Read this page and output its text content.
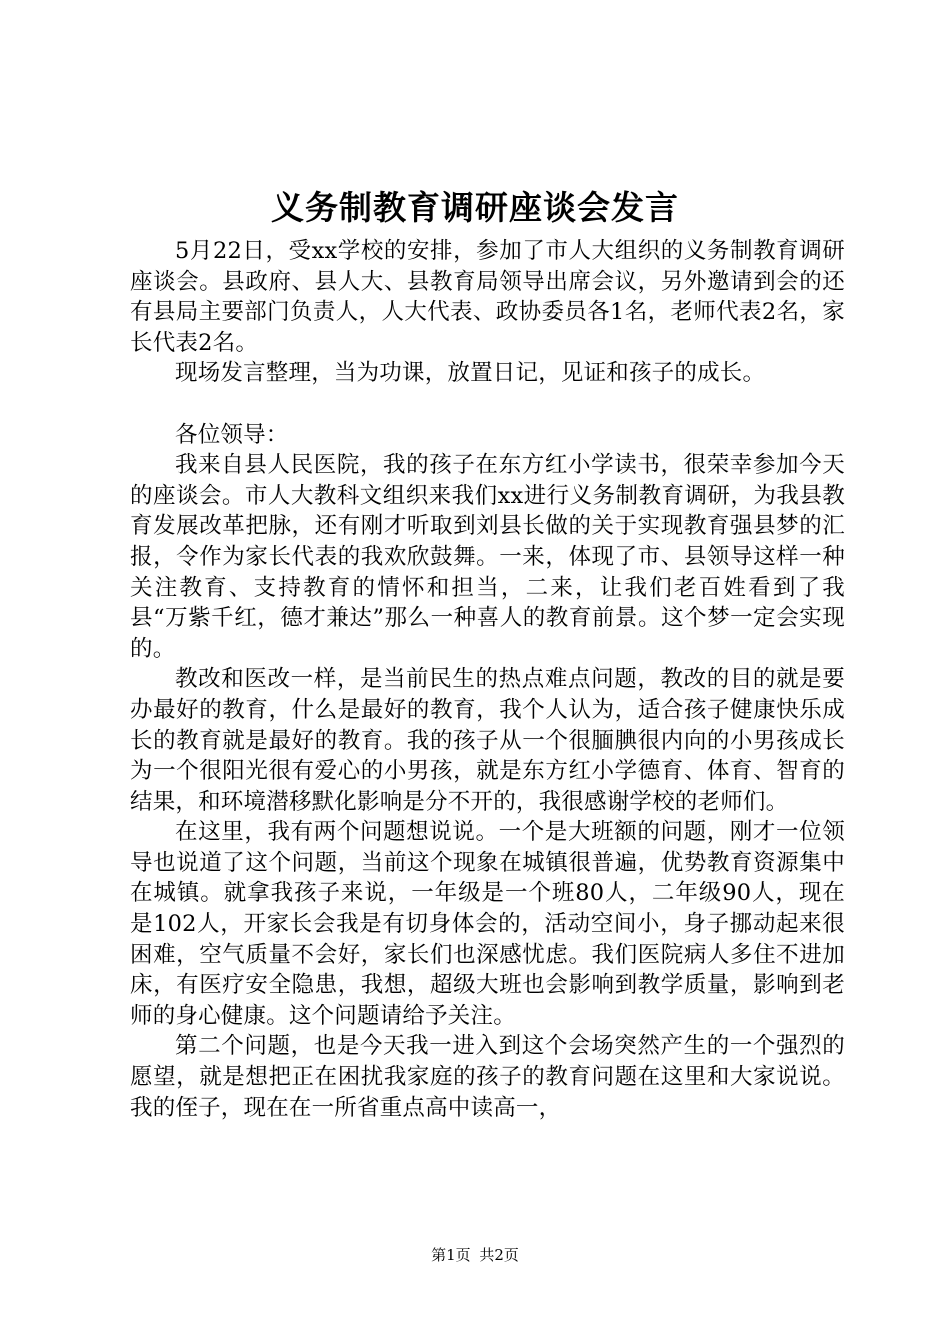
义务制教育调研座谈会发言

5月22日，受xx学校的安排，参加了市人大组织的义务制教育调研座谈会。县政府、县人大、县教育局领导出席会议，另外邀请到会的还有县局主要部门负责人，人大代表、政协委员各1名，老师代表2名，家长代表2名。

现场发言整理，当为功课，放置日记，见证和孩子的成长。

各位领导：

我来自县人民医院，我的孩子在东方红小学读书，很荣幸参加今天的座谈会。市人大教科文组织来我们xx进行义务制教育调研，为我县教育发展改革把脉，还有刚才听取到刘县长做的关于实现教育强县梦的汇报，令作为家长代表的我欢欣鼓舞。一来，体现了市、县领导这样一种关注教育、支持教育的情怀和担当，二来，让我们老百姓看到了我县“万紫千红，德才兼达”那么一种喜人的教育前景。这个梦一定会实现的。

教改和医改一样，是当前民生的热点难点问题，教改的目的就是要办最好的教育，什么是最好的教育，我个人认为，适合孩子健康快乐成长的教育就是最好的教育。我的孩子从一个很腼腆很内向的小男孩成长为一个很阳光很有爱心的小男孩，就是东方红小学德育、体育、智育的结果，和环境潜移默化影响是分不开的，我很感谢学校的老师们。

在这里，我有两个问题想说说。一个是大班额的问题，刚才一位领导也说道了这个问题，当前这个现象在城镇很普遍，优势教育资源集中在城镇。就拿我孩子来说，一年级是一个班80人，二年级90人，现在是102人，开家长会我是有切身体会的，活动空间小，身子挪动起来很困难，空气质量不会好，家长们也深感忧虑。我们医院病人多住不进加床，有医疗安全隐患，我想，超级大班也会影响到教学质量，影响到老师的身心健康。这个问题请给予关注。

第二个问题，也是今天我一进入到这个会场突然产生的一个强烈的愿望，就是想把正在困扰我家庭的孩子的教育问题在这里和大家说说。我的侄子，现在在一所省重点高中读高一，

第1页 共2页
